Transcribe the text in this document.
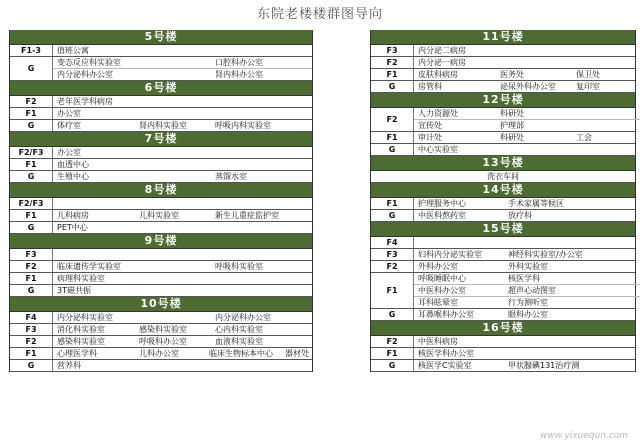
东院老楼楼群图导向
5号楼
F1-3	值班公寓
G
变态反应科实验室	口腔科办公室
内分泌科办公室	肾内科办公室
6号楼
F2	老年医学科病房
F1	办公室
G	体疗室	肾内科实验室	呼吸内科实验室
7号楼
F2/F3	办公室
F1	血透中心
G	生殖中心	蒸馏水室
8号楼
F2/F3
F1	儿科病房	儿科实验室	新生儿重症监护室
G	PET中心
9号楼
F3
F2	临床遗传学实验室	呼吸科实验室
F1	病理科实验室
G	3T磁共振
10号楼
F4	内分泌科实验室	内分泌科办公室
F3	消化科实验室	感染科实验室	心内科实验室
F2	感染科实验室	呼吸科办公室	血液科实验室
F1	心理医学科	儿科办公室	临床生物标本中心	器材处
G	营养科
11号楼
F3	内分泌二病房
F2	内分泌一病房
F1	皮肤科病房	医务处	保卫处
G	房管科	泌尿外科办公室	复印室
12号楼
F2
人力资源处	科研处
宣传处	护理部
F1	审计处	科研处	工会
G	中心实验室
13号楼
洗衣车间
14号楼
F1	护理服务中心	手术家属等候区
G	中医科熬药室	放疗科
15号楼
F4
F3	妇科内分泌实验室	神经科实验室/办公室
F2	外科办公室	外科实验室
F1
呼吸睡眠中心	核医学科
中医科办公室	超声心动图室
耳科眩晕室	行为测听室
G	耳鼻喉科办公室	眼科办公室
16号楼
F2	中医科病房
F1	核医学科办公室
G	核医学C实验室	甲状腺碘131治疗测
www.yixuequn.com
